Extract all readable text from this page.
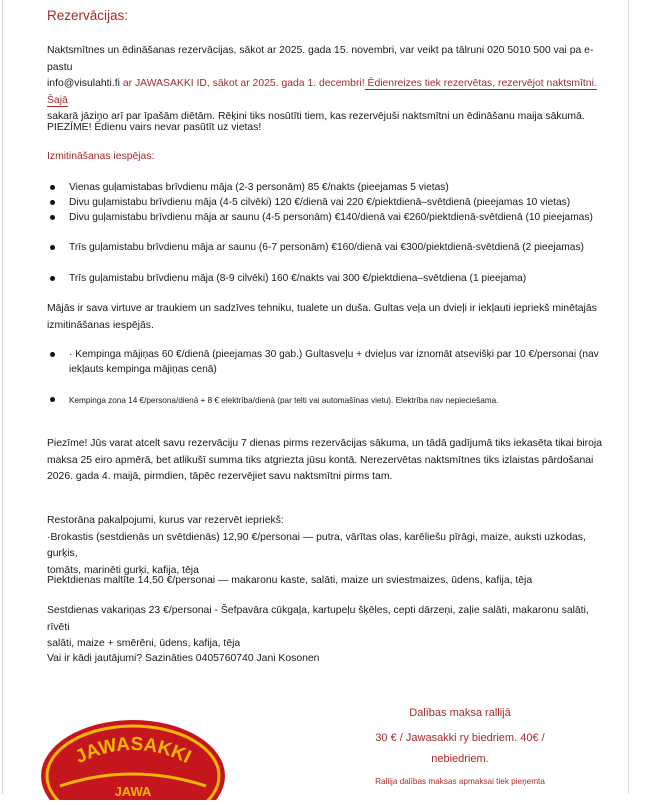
Rezervācijas:

Naktsmītnes un ēdināšanas rezervācijas, sākot ar 2025. gada 15. novembri, var veikt pa tālruni 020 5010 500 vai pa e-pastu
info@visulahti.fi ar JAWASAKKI ID, sākot ar 2025. gada 1. decembri! Ēdienreizes tiek rezervētas, rezervējot naktsmītni. Šajā
sakarā jāziņo arī par īpašām diētām. Rēķini tiks nosūtīti tiem, kas rezervējuši naktsmītni un ēdināšanu maija sākumā.

PIEZĪME! Ēdienu vairs nevar pasūtīt uz vietas!

Izmitināšanas iespējas:

Vienas guļamistabas brīvdienu māja (2-3 personām) 85 €/nakts (pieejamas 5 vietas)
Divu guļamistabu brīvdienu māja (4-5 cilvēki) 120 €/dienā vai 220 €/piektdienā–svētdienā (pieejamas 10 vietas)
Divu guļamistabu brīvdienu māja ar saunu (4-5 personām) €140/dienā vai €260/piektdienā-svētdienā (10 pieejamas)
Trīs guļamistabu brīvdienu māja ar saunu (6-7 personām) €160/dienā vai €300/piektdienā-svētdienā (2 pieejamas)
Trīs guļamistabu brīvdienu māja (8-9 cilvēki) 160 €/nakts vai 300 €/piektdiena–svētdiena (1 pieejama)

Mājās ir sava virtuve ar traukiem un sadzīves tehniku, tualete un duša. Gultas veļa un dvieļi ir iekļauti iepriekš minētajās
izmitināšanas iespējās.

· Kempinga mājiņas 60 €/dienā (pieejamas 30 gab.) Gultasveļu + dvieļus var iznomāt atsevišķi par 10 €/personai (nav
iekļauts kempinga mājiņas cenā)
Kempinga zona 14 €/persona/dienā + 8 € elektrība/dienā (par telti vai automašīnas vietu). Elektrība nav nepieciešama.

Piezīme! Jūs varat atcelt savu rezervāciju 7 dienas pirms rezervācijas sākuma, un tādā gadījumā tiks iekasēta tikai biroja
maksa 25 eiro apmērā, bet atlikušī summa tiks atgriezta jūsu kontā. Nerezervētas naktsmītnes tiks izlaistas pārdošanai
2026. gada 4. maijā, pirmdien, tāpēc rezervējiet savu naktsmītni pirms tam.

Restorāna pakalpojumi, kurus var rezervēt iepriekš:
·Brokastis (sestdienās un svētdienās) 12,90 €/personai — putra, vārītas olas, karēliešu pīrāgi, maize, auksti uzkodas, gurķis,
tomāts, marinēti gurķi, kafija, tēja

Piektdienas maltīte 14,50 €/personai — makaronu kaste, salāti, maize un sviestmaizes, ūdens, kafija, tēja

Sestdienas vakariņas 23 €/personai - Šefpavāra cūkgaļa, kartupeļu šķēles, cepti dārzeņi, zaļie salāti, makaronu salāti, rīvēti
salāti, maize + smērēni, ūdens, kafija, tēja

Vai ir kādi jautājumi? Sazināties 0405760740 Jani Kosonen

Dalības maksa rallijā
30 € / Jawasakki ry biedriem. 40€ /
nebiedriem.
Rallija dalības maksas apmaksai tiek pieņemta
JAWASAKKI
JAWA
